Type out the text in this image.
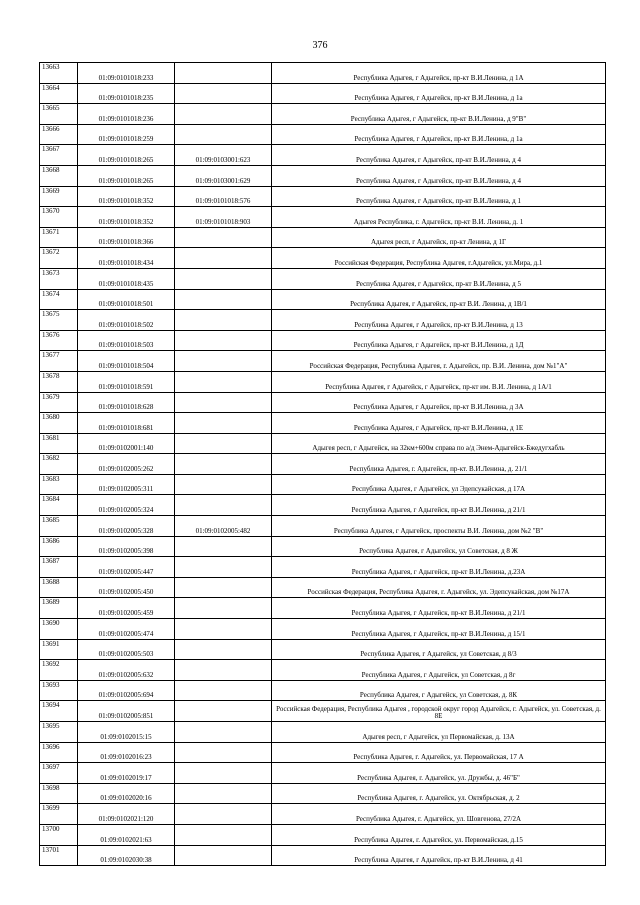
376
13663	01:09:0101018:233		Республика Адыгея, г Адыгейск, пр-кт В.И.Ленина, д 1А
13664	01:09:0101018:235		Республика Адыгея, г Адыгейск, пр-кт В.И.Ленина, д 1а
13665	01:09:0101018:236		Республика Адыгея, г Адыгейск, пр-кт В.И.Ленина, д 9"В"
13666	01:09:0101018:259		Республика Адыгея, г Адыгейск, пр-кт В.И.Ленина, д 1а
13667	01:09:0101018:265	01:09:0103001:623	Республика Адыгея, г Адыгейск, пр-кт В.И.Ленина, д 4
13668	01:09:0101018:265	01:09:0103001:629	Республика Адыгея, г Адыгейск, пр-кт В.И.Ленина, д 4
13669	01:09:0101018:352	01:09:0101018:576	Республика Адыгея, г Адыгейск, пр-кт В.И.Ленина, д 1
13670	01:09:0101018:352	01:09:0101018:903	Адыгея Республика, г. Адыгейск, пр-кт В.И. Ленина, д. 1
13671	01:09:0101018:366		Адыгея респ, г Адыгейск, пр-кт Ленина, д 1Г
13672	01:09:0101018:434		Российская Федерация, Республика Адыгея, г.Адыгейск, ул.Мира, д.1
13673	01:09:0101018:435		Республика Адыгея, г Адыгейск, пр-кт В.И.Ленина, д 5
13674	01:09:0101018:501		Республика Адыгея, г Адыгейск, пр-кт В.И. Ленина, д 1В/1
13675	01:09:0101018:502		Республика Адыгея, г Адыгейск, пр-кт В.И.Ленина, д 13
13676	01:09:0101018:503		Республика Адыгея, г Адыгейск, пр-кт В.И.Ленина, д 1Д
13677	01:09:0101018:504		Российская Федерация, Республика Адыгея, г. Адыгейск, пр. В.И. Ленина, дом №1"А"
13678	01:09:0101018:591		Республика Адыгея, г Адыгейск, г Адыгейск, пр-кт им. В.И. Ленина, д 1А/1
13679	01:09:0101018:628		Республика Адыгея, г Адыгейск, пр-кт В.И.Ленина, д 3А
13680	01:09:0101018:681		Республика Адыгея, г Адыгейск, пр-кт В.И.Ленина, д 1Е
13681	01:09:0102001:140		Адыгея респ, г Адыгейск, на 32км+600м справа по а/д Энем-Адыгейск-Бжедугхабль
13682	01:09:0102005:262		Республика Адыгея, г. Адыгейск, пр-кт. В.И.Ленина, д. 21/1
13683	01:09:0102005:311		Республика Адыгея, г Адыгейск, ул Эдепсукайская, д 17А
13684	01:09:0102005:324		Республика Адыгея, г Адыгейск, пр-кт В.И.Ленина, д 21/1
13685	01:09:0102005:328	01:09:0102005:482	Республика Адыгея, г Адыгейск, проспекты В.И. Ленина, дом №2 "В"
13686	01:09:0102005:398		Республика Адыгея, г Адыгейск, ул Советская, д 8 Ж
13687	01:09:0102005:447		Республика Адыгея, г Адыгейск, пр-кт В.И.Ленина, д.23А
13688	01:09:0102005:450		Российская Федерация, Республика Адыгея, г. Адыгейск, ул. Эдепсукайская, дом №17А
13689	01:09:0102005:459		Республика Адыгея, г Адыгейск, пр-кт В.И.Ленина, д 21/1
13690	01:09:0102005:474		Республика Адыгея, г Адыгейск, пр-кт В.И.Ленина, д 15/1
13691	01:09:0102005:503		Республика Адыгея, г Адыгейск, ул Советская, д 8/3
13692	01:09:0102005:632		Республика Адыгея, г Адыгейск, ул Советская, д 8г
13693	01:09:0102005:694		Республика Адыгея, г Адыгейск, ул Советская, д. 8К
13694	01:09:0102005:851		Российская Федерация, Республика Адыгея , городской округ город Адыгейск, г. Адыгейск, ул. Советская, д. 8Е
13695	01:09:0102015:15		Адыгея респ, г Адыгейск, ул Первомайская, д. 13А
13696	01:09:0102016:23		Республика Адыгея, г. Адыгейск, ул. Первомайская, 17 А
13697	01:09:0102019:17		Республика Адыгея, г. Адыгейск, ул. Дружбы, д. 46"Б"
13698	01:09:0102020:16		Республика Адыгея, г. Адыгейск, ул. Октябрьская, д. 2
13699	01:09:0102021:120		Республика Адыгея, г. Адыгейск, ул. Шовгенова, 27/2А
13700	01:09:0102021:63		Республика Адыгея, г. Адыгейск, ул. Первомайская, д.15
13701	01:09:0102030:38		Республика Адыгея, г Адыгейск, пр-кт В.И.Ленина, д 41
